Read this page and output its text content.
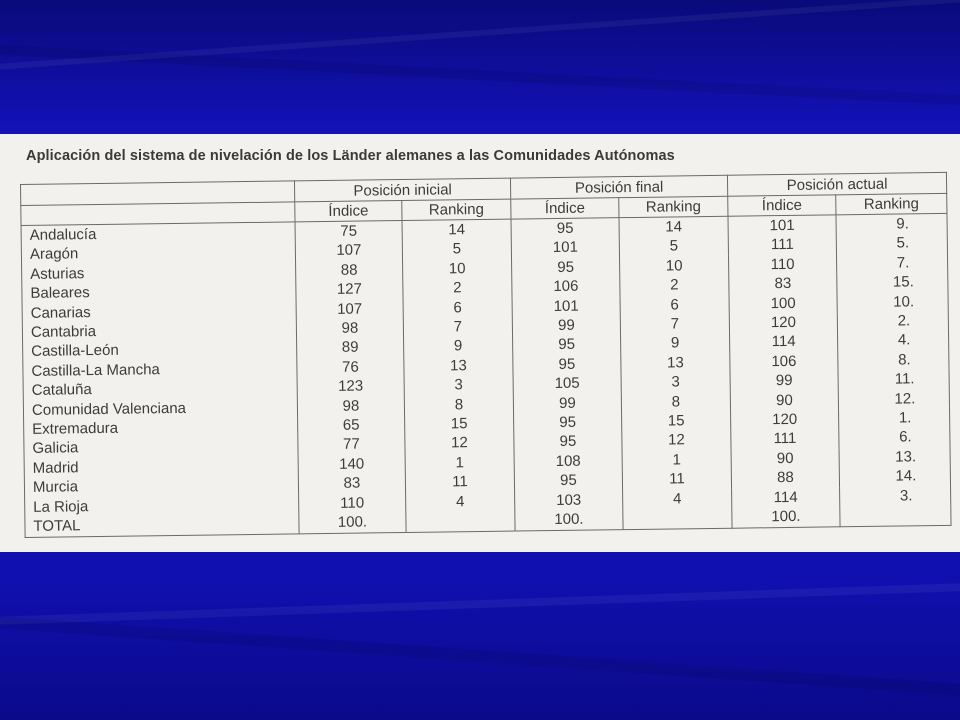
Aplicación del sistema de nivelación de los Länder alemanes a las Comunidades Autónomas
	Posición inicial		Posición final		Posición actual	
	Índice	Ranking	Índice	Ranking	Índice	Ranking
Andalucía	75	14	95	14	101	9.
Aragón	107	5	101	5	111	5.
Asturias	88	10	95	10	110	7.
Baleares	127	2	106	2	83	15.
Canarias	107	6	101	6	100	10.
Cantabria	98	7	99	7	120	2.
Castilla-León	89	9	95	9	114	4.
Castilla-La Mancha	76	13	95	13	106	8.
Cataluña	123	3	105	3	99	11.
Comunidad Valenciana	98	8	99	8	90	12.
Extremadura	65	15	95	15	120	1.
Galicia	77	12	95	12	111	6.
Madrid	140	1	108	1	90	13.
Murcia	83	11	95	11	88	14.
La Rioja	110	4	103	4	114	3.
TOTAL	100.		100.		100.	
